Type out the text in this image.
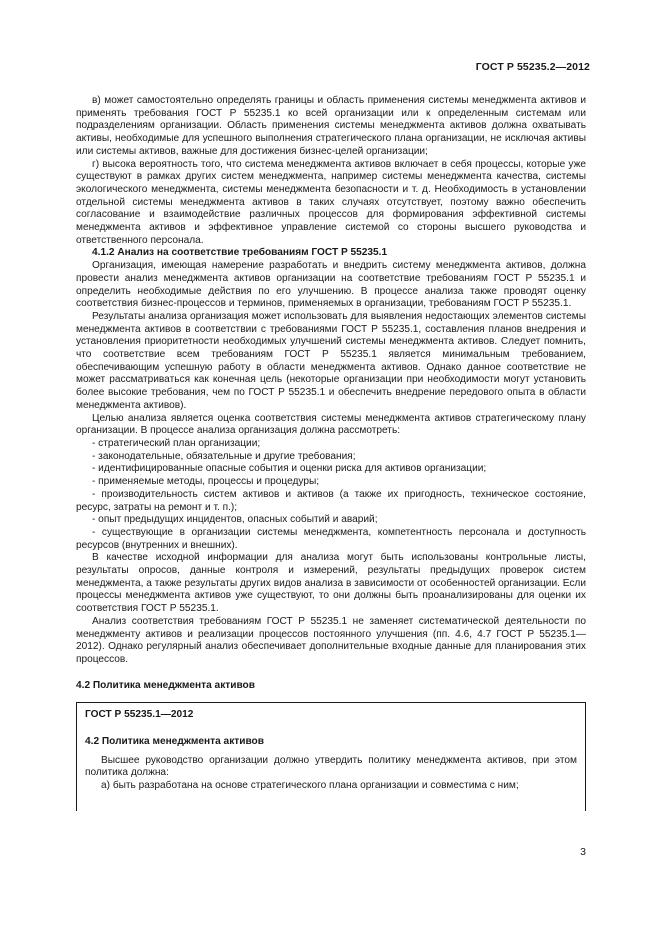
ГОСТ Р 55235.2—2012

в) может самостоятельно определять границы и область применения системы менеджмента активов и применять требования ГОСТ Р 55235.1 ко всей организации или к определенным системам или подразделениям организации. Область применения системы менеджмента активов должна охватывать активы, необходимые для успешного выполнения стратегического плана организации, не исключая активы или системы активов, важные для достижения бизнес-целей организации;

г) высока вероятность того, что система менеджмента активов включает в себя процессы, которые уже существуют в рамках других систем менеджмента, например системы менеджмента качества, системы экологического менеджмента, системы менеджмента безопасности и т. д. Необходимость в установлении отдельной системы менеджмента активов в таких случаях отсутствует, поэтому важно обеспечить согласование и взаимодействие различных процессов для формирования эффективной системы менеджмента активов и эффективное управление системой со стороны высшего руководства и ответственного персонала.

4.1.2 Анализ на соответствие требованиям ГОСТ Р 55235.1

Организация, имеющая намерение разработать и внедрить систему менеджмента активов, должна провести анализ менеджмента активов организации на соответствие требованиям ГОСТ Р 55235.1 и определить необходимые действия по его улучшению. В процессе анализа также проводят оценку соответствия бизнес-процессов и терминов, применяемых в организации, требованиям ГОСТ Р 55235.1.

Результаты анализа организация может использовать для выявления недостающих элементов системы менеджмента активов в соответствии с требованиями ГОСТ Р 55235.1, составления планов внедрения и установления приоритетности необходимых улучшений системы менеджмента активов. Следует помнить, что соответствие всем требованиям ГОСТ Р 55235.1 является минимальным требованием, обеспечивающим успешную работу в области менеджмента активов. Однако данное соответствие не может рассматриваться как конечная цель (некоторые организации при необходимости могут установить более высокие требования, чем по ГОСТ Р 55235.1 и обеспечить внедрение передового опыта в области менеджмента активов).

Целью анализа является оценка соответствия системы менеджмента активов стратегическому плану организации. В процессе анализа организация должна рассмотреть:

- стратегический план организации;

- законодательные, обязательные и другие требования;

- идентифицированные опасные события и оценки риска для активов организации;

- применяемые методы, процессы и процедуры;

- производительность систем активов и активов (а также их пригодность, техническое состояние, ресурс, затраты на ремонт и т. п.);

- опыт предыдущих инцидентов, опасных событий и аварий;

- существующие в организации системы менеджмента, компетентность персонала и доступность ресурсов (внутренних и внешних).

В качестве исходной информации для анализа могут быть использованы контрольные листы, результаты опросов, данные контроля и измерений, результаты предыдущих проверок систем менеджмента, а также результаты других видов анализа в зависимости от особенностей организации. Если процессы менеджмента активов уже существуют, то они должны быть проанализированы для оценки их соответствия ГОСТ Р 55235.1.

Анализ соответствия требованиям ГОСТ Р 55235.1 не заменяет систематической деятельности по менеджменту активов и реализации процессов постоянного улучшения (пп. 4.6, 4.7 ГОСТ Р 55235.1—2012). Однако регулярный анализ обеспечивает дополнительные входные данные для планирования этих процессов.

4.2 Политика менеджмента активов

ГОСТ Р 55235.1—2012

4.2 Политика менеджмента активов

Высшее руководство организации должно утвердить политику менеджмента активов, при этом политика должна:

а) быть разработана на основе стратегического плана организации и совместима с ним;

3
